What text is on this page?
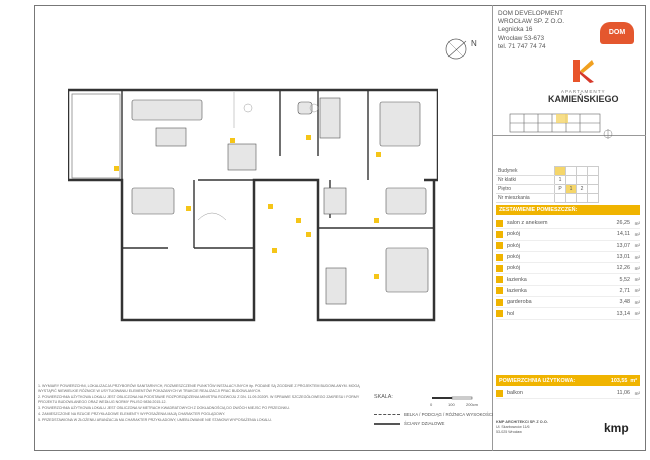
DOM DEVELOPMENT
WROCŁAW SP. Z O.O.
Legnicka 16
Wrocław 53-673
tel. 71 747 74 74
DOM
APARTAMENTY
KAMIEŃSKIEGO
N
Budynek				
Nr klatki	1			
Piętro	P	1	2	
Nr mieszkania				
ZESTAWIENIE POMIESZCZEŃ:
salon z aneksem	26,25	m²
pokój	14,11	m²
pokój	13,07	m²
pokój	13,01	m²
pokój	12,26	m²
łazienka	5,52	m²
łazienka	2,71	m²
garderoba	3,48	m²
hol	13,14	m²
POWIERZCHNIA UŻYTKOWA:	103,55 m²
balkon	11,06	m²

1. WYMIARY POWIERZCHNI, LOKALIZACJA PRZYBORÓW SANITARNYCH, ROZMIESZCZENIE PUNKTÓW INSTALACYJNYCH itp. PODANE SĄ ZGODNIE Z PROJEKTEM BUDOWLANYM. MOGĄ WYSTĄPIĆ NIEWIELKIE RÓŻNICE W USYTUOWANIU ELEMENTÓW POKAZANYCH W TRAKCIE REALIZACJI PRAC BUDOWLANYCH.

2. POWIERZCHNIA UŻYTKOWA LOKALU JEST OBLICZONA NA PODSTAWIE ROZPORZĄDZENIA MINISTRA ROZWOJU Z DN. 11.09.2020R. W SPRAWIE SZCZEGÓŁOWEGO ZAKRESU I FORMY PROJEKTU BUDOWLANEGO ORAZ WEDŁUG NORMY PN-ISO 9836:2015-12.

3. POWIERZCHNIA UŻYTKOWA LOKALU JEST OBLICZONA W METRACH KWADRATOWYCH Z DOKŁADNOŚCIĄ DO DWÓCH MIEJSC PO PRZECINKU.

4. ZAMIESZCZONE NA RZUCIE PRZYKŁADOWE ELEMENTY WYPOSAŻENIA MAJĄ CHARAKTER POGLĄDOWY.

5. PRZEDSTAWIONA W ZŁOŻENIU ARANŻACJA MA CHARAKTER PRZYKŁADOWY, UMEBLOWANIE NIE STANOWI WYPOSAŻENIA LOKALU.

SKALA:
0	100	200cm
BELKA / PODCIĄG / RÓŻNICA WYSOKOŚCI
ŚCIANY DZIAŁOWE	KMP ARCHITEKCI SP. Z O.O.
Ul. Skarbowców 11/6
53-025 Wrocław	kmp
